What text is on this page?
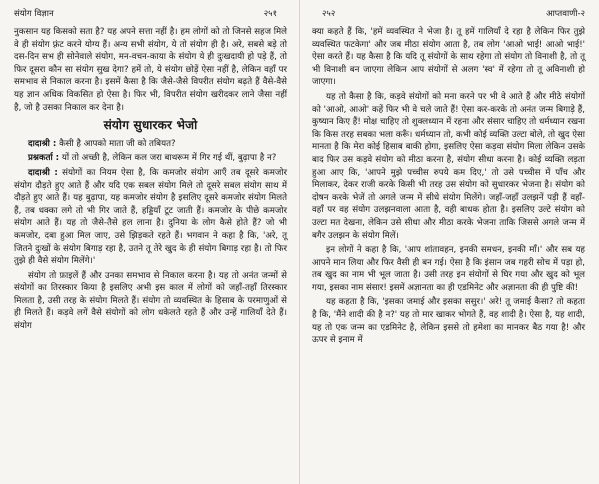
संयोग विज्ञान	२५१

नुकसान यह किसको सता है? यह अपने सत्ता नहीं है। हम लोगों को तो जिनसे सहज मिले वे ही संयोग फ़्रंट करने योग्य हैं। अन्य सभी संयोग, ये तो संयोग ही है। अरे, सबसे बड़े तो दस-दिन सभ ही सोनेवाले संयोग, मन-वचन-काया के संयोग ये ही दुःखदायी हो पड़े हैं, तो फिर दूसरा कौन सा संयोग सुख देगा? हमें तो, ये संयोग छोड़ें ऐसा नहीं है, लेकिन वहाँ पर समभाव से निकाल करना है। इसमें कैसा है कि जैसे-जैसे विपरीत संयोग बढ़ते हैं वैसे-वैसे यह ज्ञान अधिक विकसित हो ऐसा है। फिर भी, विपरीत संयोग खरीदकर लाने जैसा नहीं है, जो है उसका निकाल कर देना है।

संयोग सुधारकर भेजो

दादाश्री : कैसी है आपको माता जी को तबियत?

प्रश्नकर्ता : यों तो अच्छी है, लेकिन कल जरा बाथरूम में गिर गई थीं, बुढ़ापा है न?

दादाश्री : संयोगों का नियम ऐसा है, कि कमजोर संयोग आएँ तब दूसरे कमजोर संयोग दौड़ते हुए आते हैं और यदि एक सबल संयोग मिले तो दूसरे सबल संयोग साथ में दौड़ते हुए आते हैं। यह बुढ़ापा, यह कमजोर संयोग है इसलिए दूसरे कमजोर संयोग मिलते हैं, तब धक्का लगे तो भी गिर जाते हैं, हड्डियाँ टूट जाती हैं। कमजोर के पीछे कमजोर संयोग आते हैं। यह तो जैसे-तैसे हल लाना है। दुनिया के लोग कैसे होते हैं? जो भी कमजोर, दबा हुआ मिल जाए, उसे झिड़कते रहते हैं। भगवान ने कहा है कि, 'अरे, तू जितने दुःखों के संयोग बिगाड़ रहा है, उतने तू तेरे खुद के ही संयोग बिगाड़ रहा है। तो फिर तुझे ही वैसे संयोग मिलेंगे।'

संयोग तो फ़ाइलें हैं और उनका समभाव से निकाल करना है। यह तो अनंत जन्मों से संयोगों का तिरस्कार किया है इसलिए अभी इस काल में लोगों को जहाँ-तहाँ तिरस्कार मिलता है, उसी तरह के संयोग मिलते हैं। संयोग तो व्यवस्थित के हिसाब के परमाणुओं से ही मिलते हैं। कड़वे लगें वैसे संयोगों को लोग धकेलते रहते हैं और उन्हें गालियाँ देते हैं। संयोग

२५२	आप्तवाणी-२

क्या कहते हैं कि, 'हमें व्यवस्थित ने भेजा है। तू हमें गालियाँ दे रहा है लेकिन फिर तुझे व्यवस्थित फटकेगा' और जब मीठा संयोग आता है, तब लोग 'आओ भाई! आओ भाई!' ऐसा करते हैं। यह कैसा है कि यदि तू संयोगों के साथ रहेगा तो संयोग तो विनाशी है, तो तू भी विनाशी बन जाएगा लेकिन आप संयोगों से अलग 'स्व' में रहेगा तो तू अविनाशी हो जाएगा।

यह तो कैसा है कि, कड़वे संयोगों को मना करने पर भी वे आते हैं और मीठे संयोगों को 'आओ, आओ' कहें फिर भी वे चले जाते हैं! ऐसा कर-करके तो अनंत जन्म बिगाड़े हैं, कुष्यान किए हैं! मोक्ष चाहिए तो शुक्लध्यान में रहना और संसार चाहिए तो धर्मध्यान रखना कि किस तरह सबका भला करूँ। धर्मध्यान तो, कभी कोई व्यक्ति उल्टा बोले, तो खुद ऐसा मानता है कि मेरा कोई हिसाब बाकी होगा, इसलिए ऐसा कड़वा संयोग मिला लेकिन उसके बाद फिर उस कड़वे संयोग को मीठा करना है, संयोग सीधा करना है। कोई व्यक्ति लड़ता हुआ आए कि, 'आपने मुझे पच्चीस रुपये कम दिए,' तो उसे पच्चीस में पाँच और मिलाकर, देकर राजी करके किसी भी तरह उस संयोग को सुधारकर भेजना है। संयोग को दोषन करके भेजें तो अगले जन्म में सीधे संयोग मिलेंगे। जहाँ-जहाँ उलझनें पड़ी हैं वहाँ-वहाँ पर वह संयोग उलझनवाला आता है, वही बाधक होता है। इसलिए उल्टे संयोग को उल्टा मत देखना, लेकिन उसे सीधा और मीठा करके भेजना ताकि जिससे अगले जन्म में बगैर उलझन के संयोग मिलें।

इन लोगों ने कहा है कि, 'आप शांतावहन, इनकी समधन, इनकी माँ।' और सब यह आपने मान लिया और फिर वैसी ही बन गई। ऐसा है कि इंसान जब गहरी सोच में पड़ा हो, तब खुद का नाम भी भूल जाता है। उसी तरह इन संयोगों से घिर गया और खुद को भूल गया, इसका नाम संसार! इसमें अज्ञानता का ही एडमिनेट और अज्ञानता की ही पुष्टि की!

यह कहता है कि, 'इसका जमाई और इसका ससुर।' अरे! तू जमाई कैसा? तो कहता है कि, 'मैंने शादी की है न?' यह तो मार खाकर भोगते हैं, वह शादी है। ऐसा है, यह शादी, यह तो एक जन्म का एडमिनेट है, लेकिन इससे तो हमेशा का मानकर बैठ गया है! और ऊपर से इनाम में
